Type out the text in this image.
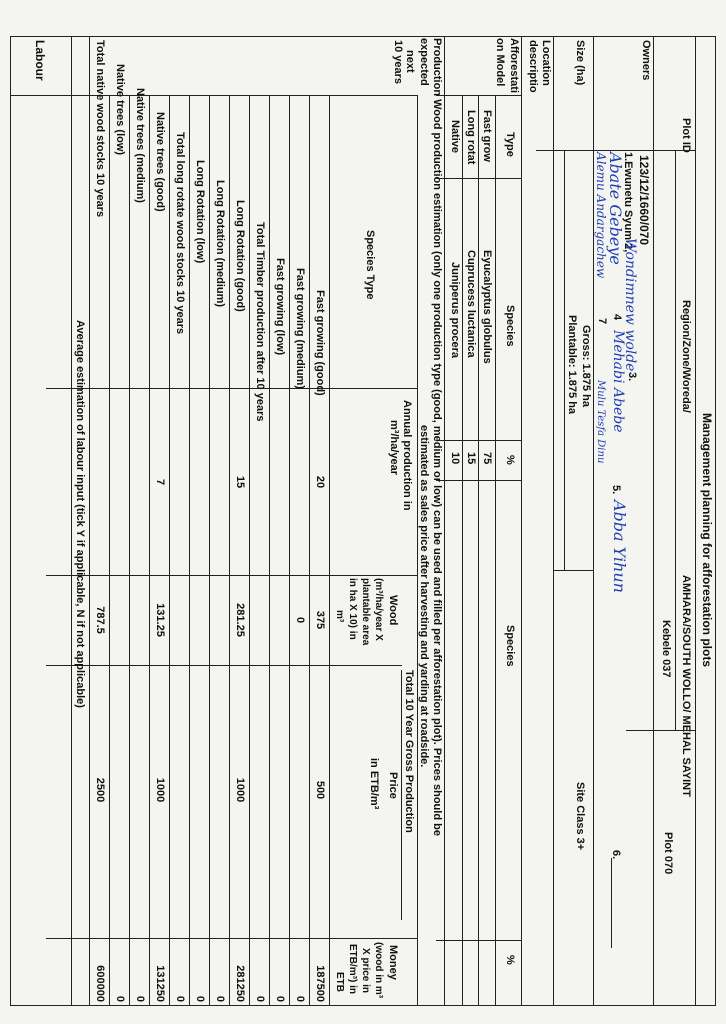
Management planning for afforestation plots
Plot ID
Region/Zone/Woreda/
AMHARA/SOUTH WOLLO/ MEHAL SAYINT
Kebele 037
Plot 070
Owners
123/12/1660/070
1.Ewunetu Syum 2,
Wondimnew wolde
3.
Abate Gebeye
4
Mehabi Abebe
5.
Abba Yihun
6.
Alemu Andargachew
7
Mulu Tesfa Dinu
Size (ha)
Gross: 1.875 ha
Plantable: 1.875 ha
Site Class 3+
Location descriptio
Afforestati
on Model
Type
Species
%
Species
%
Fast grow
Eyucalyptus globulus
75
Long rotat
Cuprucess luctanica
15
Native
Juniperus procera
10
Production Wood production estimation (only one production type (good, medium or low) can be used and filled per afforestation plot). Prices should be
expected
estimated as sales price after harvesting and yarding at roadside.
next
10 years
Species Type
Annual production in
m³/ha/year
Total 10 Year Gross Production
Wood
(m³/ha/year X
plantable area
in ha X 10) in
m³
Price
in ETB/m³
Money
(wood in m³
X price in
ETB/m³) in
ETB
Fast growing (good)
20
375
500
187500
Fast growing (medium)
0
0
Fast growing (low)
0
Total Timber production after 10 years
0
Long Rotation (good)
15
281.25
1000
281250
Long Rotation (medium)
0
Long Rotation (low)
0
Total long rotate wood stocks 10 years
0
Native trees (good)
7
131.25
1000
131250
Native trees (medium)
0
Native trees (low)
0
Total native wood stocks 10 years
787.5
2500
600000
Average estimation of labour input (tick Y if applicable, N if not applicable)
Labour
